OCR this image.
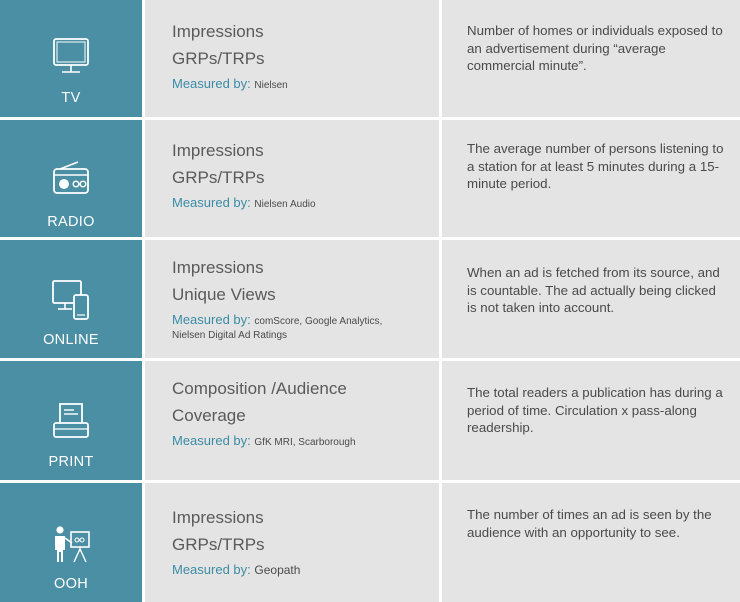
TV
Impressions
GRPs/TRPs
Measured by: Nielsen
Number of homes or individuals exposed to an advertisement during “average commercial minute”.
RADIO
Impressions
GRPs/TRPs
Measured by: Nielsen Audio
The average number of persons listening to a station for at least 5 minutes during a 15-minute period.
ONLINE
Impressions
Unique Views
Measured by: comScore, Google Analytics,
Nielsen Digital Ad Ratings
When an ad is fetched from its source, and is countable. The ad actually being clicked is not taken into account.
PRINT
Composition /Audience
Coverage
Measured by: GfK MRI, Scarborough
The total readers a publication has during a period of time. Circulation x pass-along readership.
OOH
Impressions
GRPs/TRPs
Measured by: Geopath
The number of times an ad is seen by the audience with an opportunity to see.
